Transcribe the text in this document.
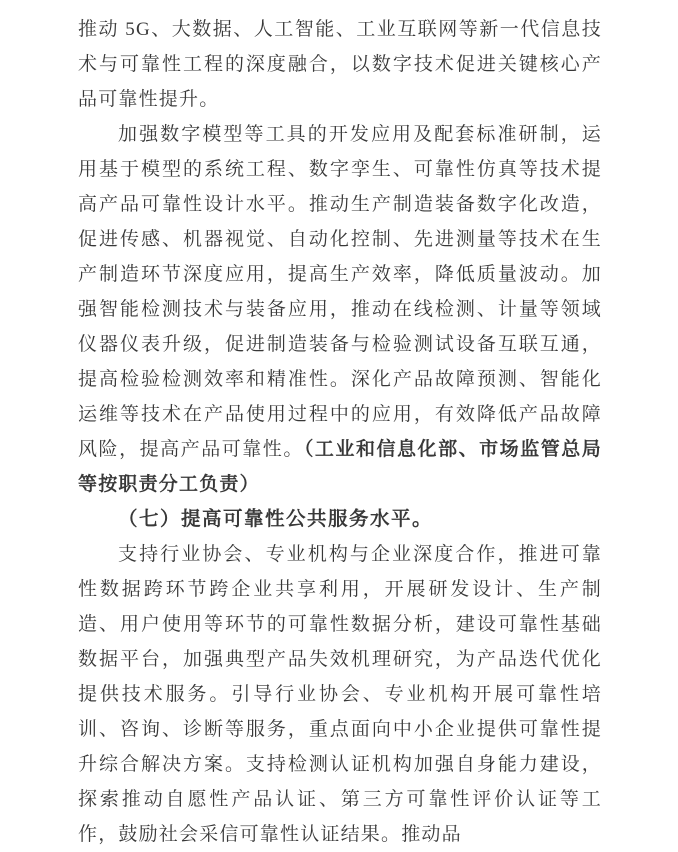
推动 5G、大数据、人工智能、工业互联网等新一代信息技术与可靠性工程的深度融合，以数字技术促进关键核心产品可靠性提升。

加强数字模型等工具的开发应用及配套标准研制，运用基于模型的系统工程、数字孪生、可靠性仿真等技术提高产品可靠性设计水平。推动生产制造装备数字化改造，促进传感、机器视觉、自动化控制、先进测量等技术在生产制造环节深度应用，提高生产效率，降低质量波动。加强智能检测技术与装备应用，推动在线检测、计量等领域仪器仪表升级，促进制造装备与检验测试设备互联互通，提高检验检测效率和精准性。深化产品故障预测、智能化运维等技术在产品使用过程中的应用，有效降低产品故障风险，提高产品可靠性。（工业和信息化部、市场监管总局等按职责分工负责）

（七）提高可靠性公共服务水平。

支持行业协会、专业机构与企业深度合作，推进可靠性数据跨环节跨企业共享利用，开展研发设计、生产制造、用户使用等环节的可靠性数据分析，建设可靠性基础数据平台，加强典型产品失效机理研究，为产品迭代优化提供技术服务。引导行业协会、专业机构开展可靠性培训、咨询、诊断等服务，重点面向中小企业提供可靠性提升综合解决方案。支持检测认证机构加强自身能力建设，探索推动自愿性产品认证、第三方可靠性评价认证等工作，鼓励社会采信可靠性认证结果。推动品
